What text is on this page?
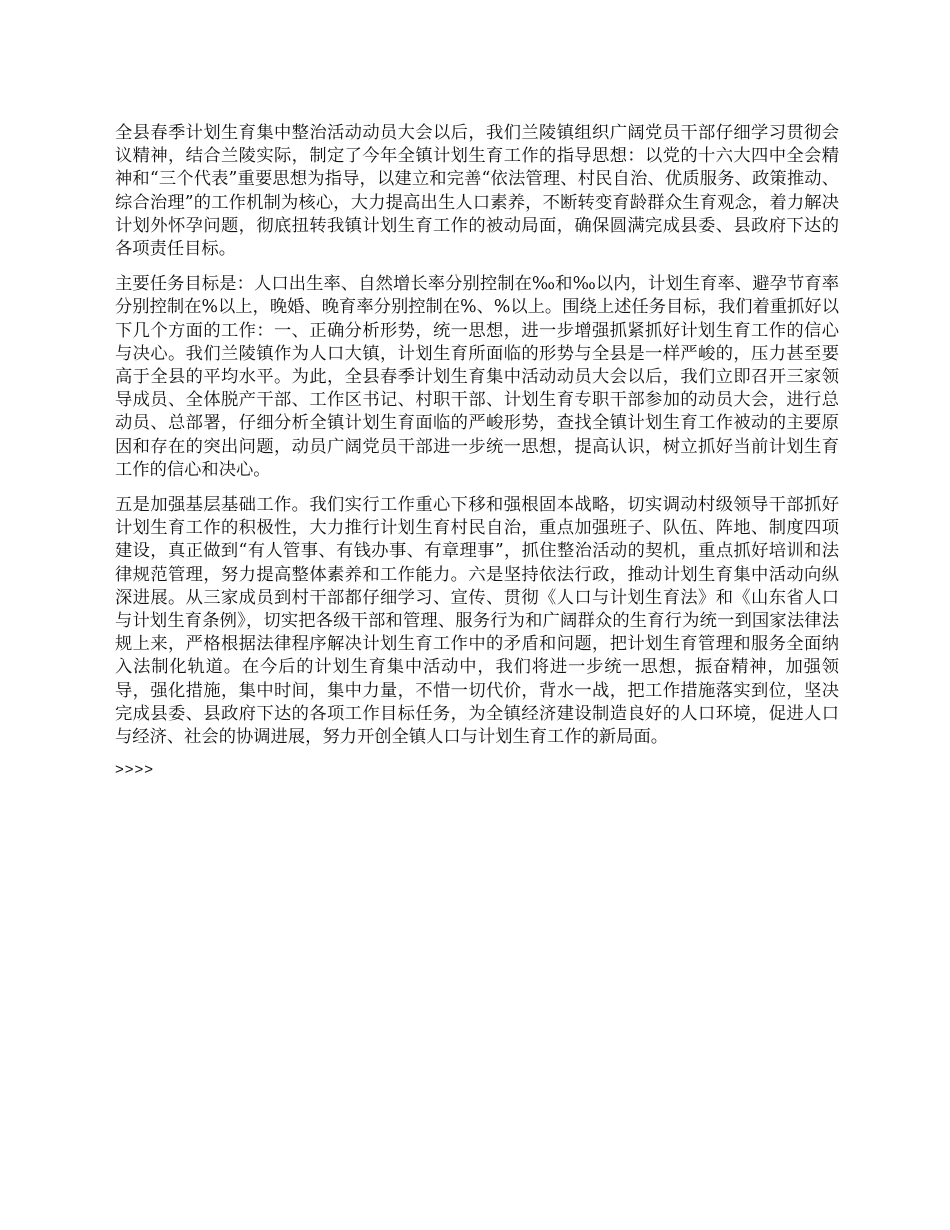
全县春季计划生育集中整治活动动员大会以后，我们兰陵镇组织广阔党员干部仔细学习贯彻会议精神，结合兰陵实际，制定了今年全镇计划生育工作的指导思想：以党的十六大四中全会精神和“三个代表”重要思想为指导，以建立和完善“依法管理、村民自治、优质服务、政策推动、综合治理”的工作机制为核心，大力提高出生人口素养，不断转变育龄群众生育观念，着力解决计划外怀孕问题，彻底扭转我镇计划生育工作的被动局面，确保圆满完成县委、县政府下达的各项责任目标。

主要任务目标是：人口出生率、自然增长率分别控制在‰和‰以内，计划生育率、避孕节育率分别控制在%以上，晚婚、晚育率分别控制在%、%以上。围绕上述任务目标，我们着重抓好以下几个方面的工作：一、正确分析形势，统一思想，进一步增强抓紧抓好计划生育工作的信心与决心。我们兰陵镇作为人口大镇，计划生育所面临的形势与全县是一样严峻的，压力甚至要高于全县的平均水平。为此，全县春季计划生育集中活动动员大会以后，我们立即召开三家领导成员、全体脱产干部、工作区书记、村职干部、计划生育专职干部参加的动员大会，进行总动员、总部署，仔细分析全镇计划生育面临的严峻形势，查找全镇计划生育工作被动的主要原因和存在的突出问题，动员广阔党员干部进一步统一思想，提高认识，树立抓好当前计划生育工作的信心和决心。

五是加强基层基础工作。我们实行工作重心下移和强根固本战略，切实调动村级领导干部抓好计划生育工作的积极性，大力推行计划生育村民自治，重点加强班子、队伍、阵地、制度四项建设，真正做到“有人管事、有钱办事、有章理事”，抓住整治活动的契机，重点抓好培训和法律规范管理，努力提高整体素养和工作能力。六是坚持依法行政，推动计划生育集中活动向纵深进展。从三家成员到村干部都仔细学习、宣传、贯彻《人口与计划生育法》和《山东省人口与计划生育条例》，切实把各级干部和管理、服务行为和广阔群众的生育行为统一到国家法律法规上来，严格根据法律程序解决计划生育工作中的矛盾和问题，把计划生育管理和服务全面纳入法制化轨道。在今后的计划生育集中活动中，我们将进一步统一思想，振奋精神，加强领导，强化措施，集中时间，集中力量，不惜一切代价，背水一战，把工作措施落实到位，坚决完成县委、县政府下达的各项工作目标任务，为全镇经济建设制造良好的人口环境，促进人口与经济、社会的协调进展，努力开创全镇人口与计划生育工作的新局面。

>>>>
